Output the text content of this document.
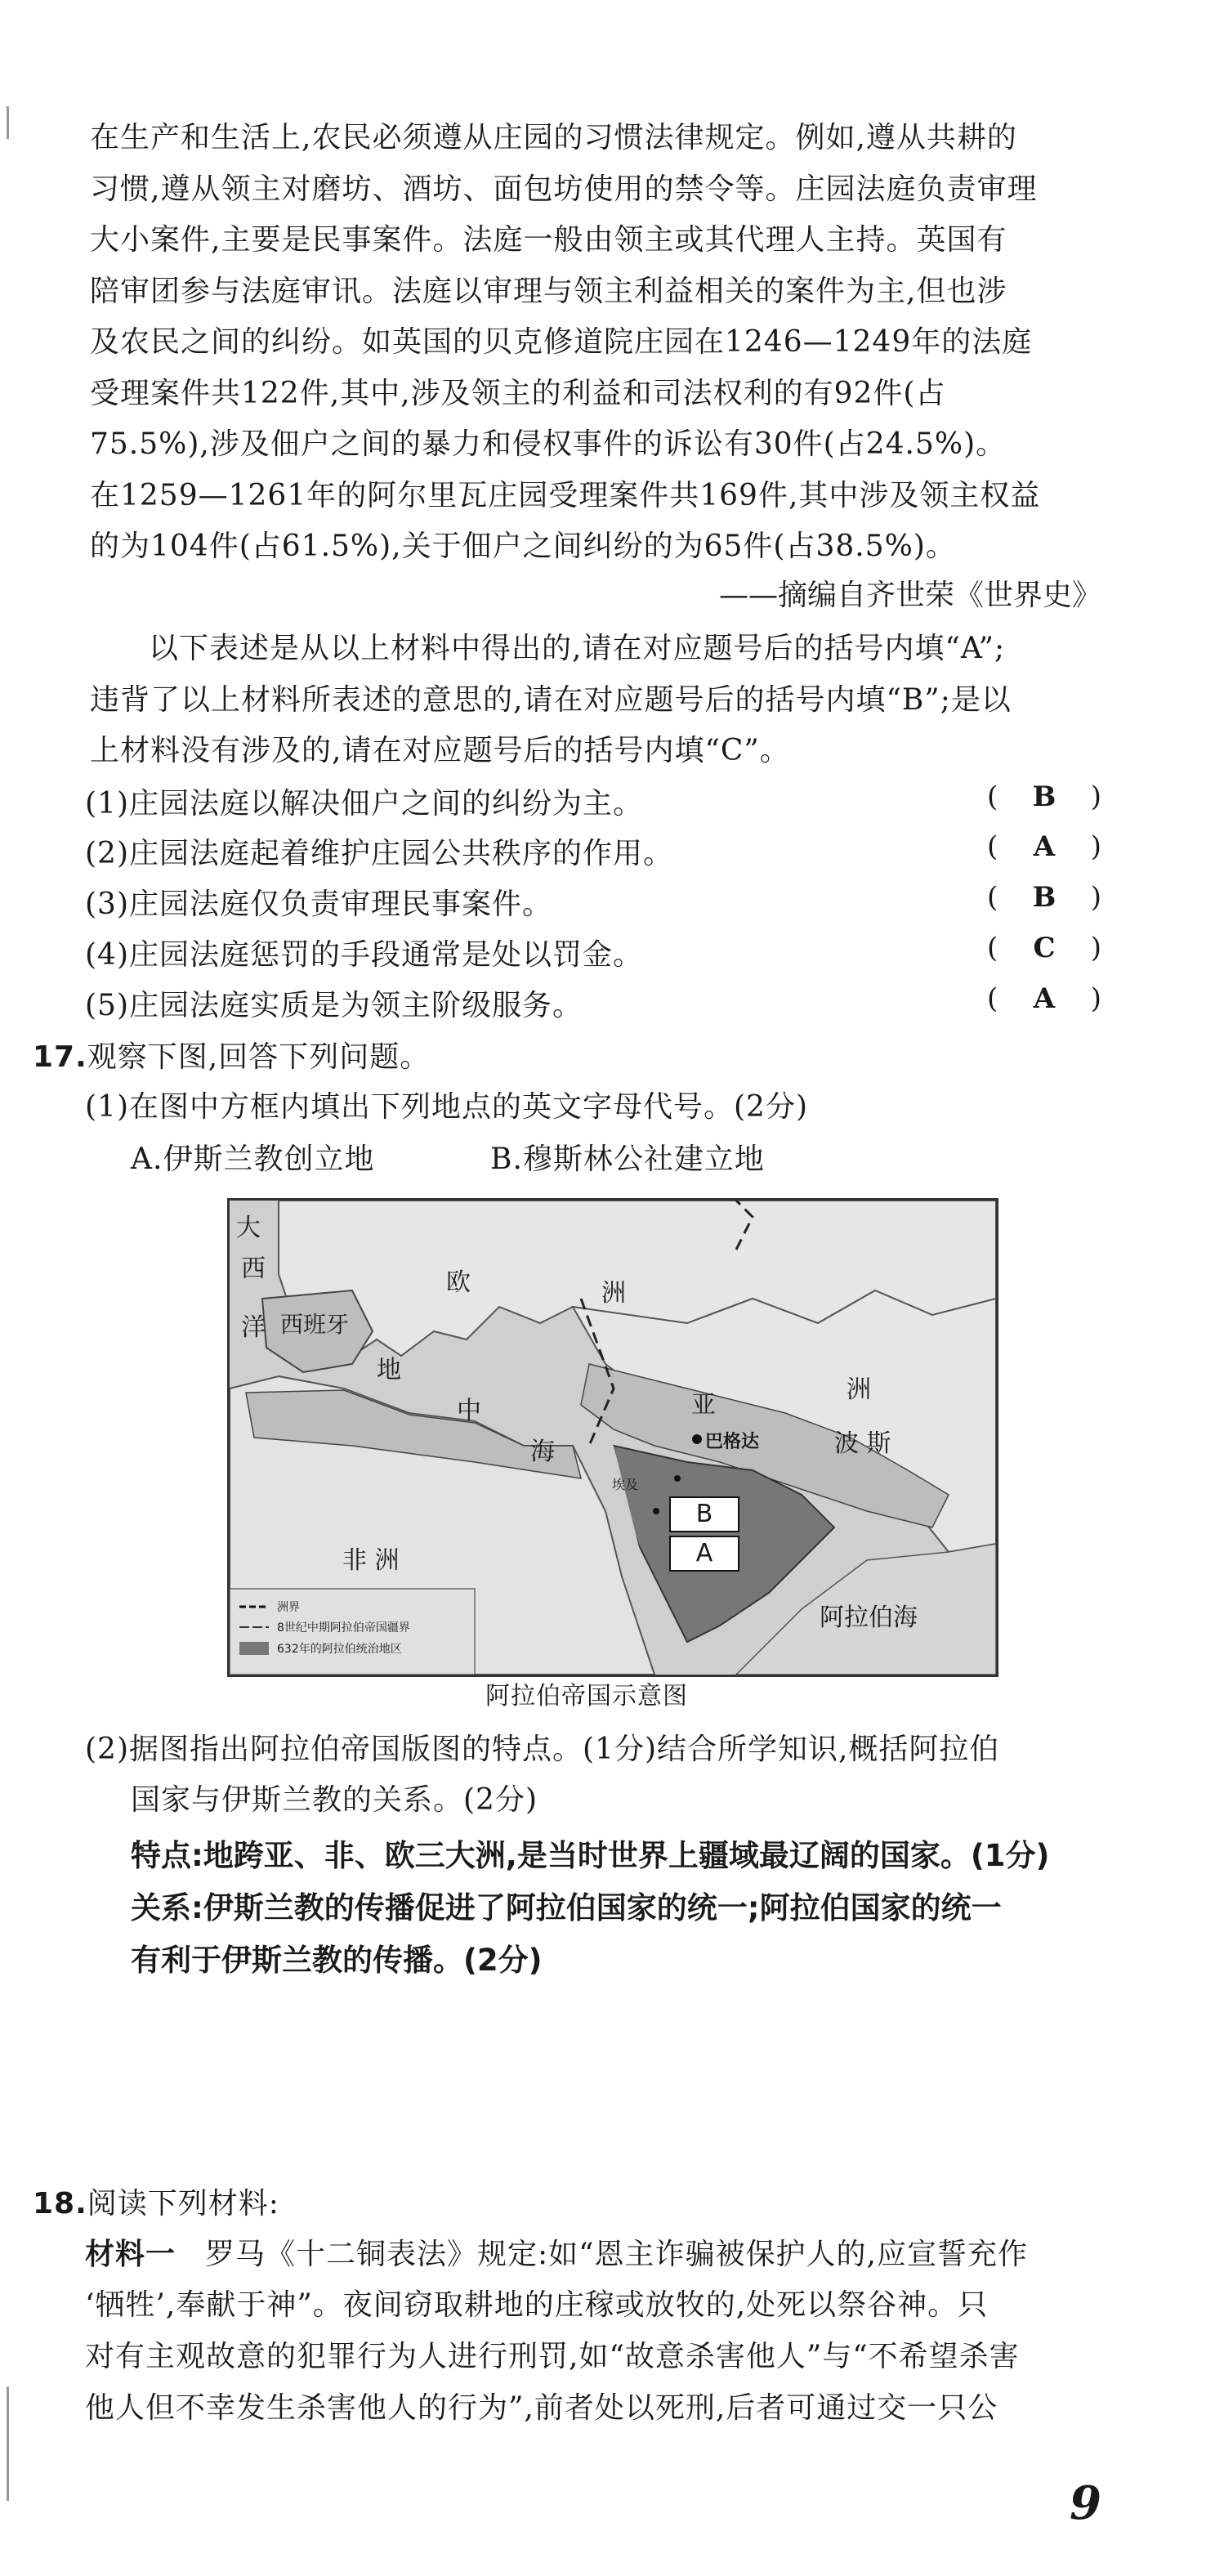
在生产和生活上,农民必须遵从庄园的习惯法律规定。例如,遵从共耕的
习惯,遵从领主对磨坊、酒坊、面包坊使用的禁令等。庄园法庭负责审理
大小案件,主要是民事案件。法庭一般由领主或其代理人主持。英国有
陪审团参与法庭审讯。法庭以审理与领主利益相关的案件为主,但也涉
及农民之间的纠纷。如英国的贝克修道院庄园在1246—1249年的法庭
受理案件共122件,其中,涉及领主的利益和司法权利的有92件(占
75.5%),涉及佃户之间的暴力和侵权事件的诉讼有30件(占24.5%)。
在1259—1261年的阿尔里瓦庄园受理案件共169件,其中涉及领主权益
的为104件(占61.5%),关于佃户之间纠纷的为65件(占38.5%)。
——摘编自齐世荣《世界史》
以下表述是从以上材料中得出的,请在对应题号后的括号内填“A”;
违背了以上材料所表述的意思的,请在对应题号后的括号内填“B”;是以
上材料没有涉及的,请在对应题号后的括号内填“C”。
(1)庄园法庭以解决佃户之间的纠纷为主。	( B )
(2)庄园法庭起着维护庄园公共秩序的作用。	( A )
(3)庄园法庭仅负责审理民事案件。	( B )
(4)庄园法庭惩罚的手段通常是处以罚金。	( C )
(5)庄园法庭实质是为领主阶级服务。	( A )
17.观察下图,回答下列问题。
(1)在图中方框内填出下列地点的英文字母代号。(2分)
A.伊斯兰教创立地	B.穆斯林公社建立地
大
西
洋 西班牙
欧	洲
地
中
海
亚
洲
巴格达	波 斯
埃及
非 洲
阿拉伯海
B
A
洲界
8世纪中期阿拉伯帝国疆界
632年的阿拉伯统治地区
阿拉伯帝国示意图
(2)据图指出阿拉伯帝国版图的特点。(1分)结合所学知识,概括阿拉伯
国家与伊斯兰教的关系。(2分)
特点:地跨亚、非、欧三大洲,是当时世界上疆域最辽阔的国家。(1分)
关系:伊斯兰教的传播促进了阿拉伯国家的统一;阿拉伯国家的统一
有利于伊斯兰教的传播。(2分)
18.阅读下列材料:
材料一 罗马《十二铜表法》规定:如“恩主诈骗被保护人的,应宣誓充作
‘牺牲’,奉献于神”。夜间窃取耕地的庄稼或放牧的,处死以祭谷神。只
对有主观故意的犯罪行为人进行刑罚,如“故意杀害他人”与“不希望杀害
他人但不幸发生杀害他人的行为”,前者处以死刑,后者可通过交一只公
9
